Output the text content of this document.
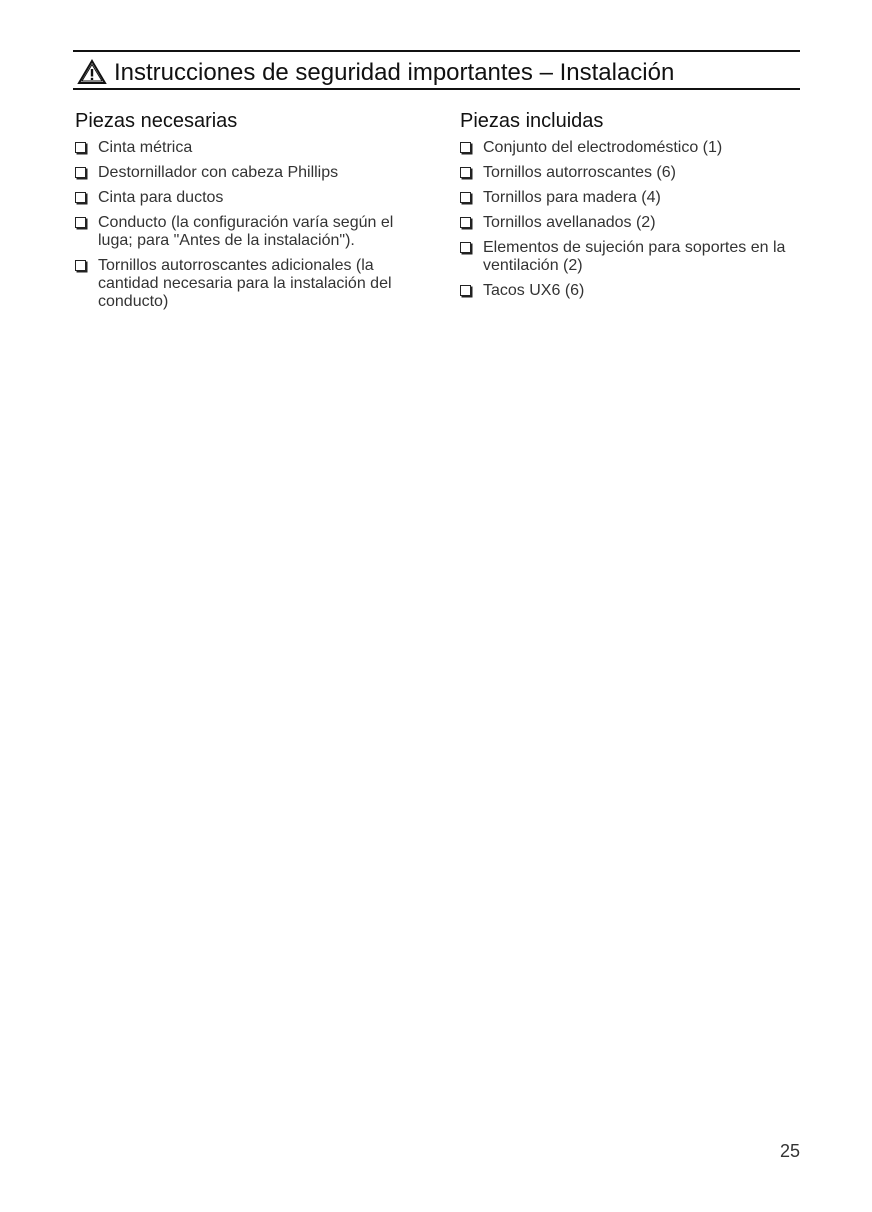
Instrucciones de seguridad importantes – Instalación
Piezas necesarias
Cinta métrica
Destornillador con cabeza Phillips
Cinta para ductos
Conducto (la configuración varía según el luga; para "Antes de la instalación").
Tornillos autorroscantes adicionales (la cantidad necesaria para la instalación del conducto)
Piezas incluidas
Conjunto del electrodoméstico (1)
Tornillos autorroscantes (6)
Tornillos para madera (4)
Tornillos avellanados (2)
Elementos de sujeción para soportes en la ventilación (2)
Tacos UX6 (6)
25
